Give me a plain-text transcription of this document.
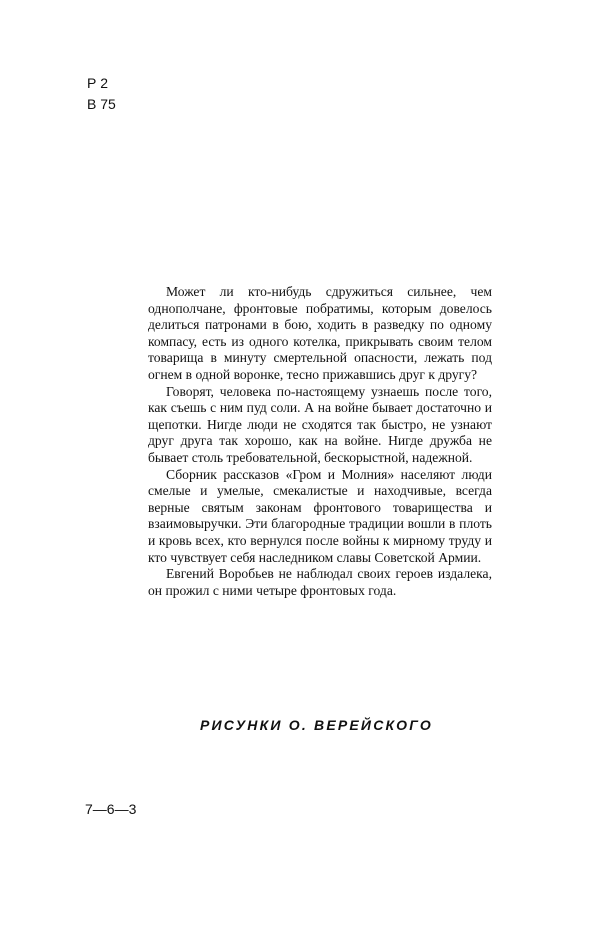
Р 2
В 75

Может ли кто-нибудь сдружиться сильнее, чем однополчане, фронтовые побратимы, которым довелось делиться патронами в бою, ходить в разведку по одному компасу, есть из одного котелка, прикрывать своим телом товарища в минуту смертельной опасности, лежать под огнем в одной воронке, тесно прижавшись друг к другу?

Говорят, человека по-настоящему узнаешь после того, как съешь с ним пуд соли. А на войне бывает достаточно и щепотки. Нигде люди не сходятся так быстро, не узнают друг друга так хорошо, как на войне. Нигде дружба не бывает столь требовательной, бескорыстной, надежной.

Сборник рассказов «Гром и Молния» населяют люди смелые и умелые, смекалистые и находчивые, всегда верные святым законам фронтового товарищества и взаимовыручки. Эти благородные традиции вошли в плоть и кровь всех, кто вернулся после войны к мирному труду и кто чувствует себя наследником славы Советской Армии.

Евгений Воробьев не наблюдал своих героев издалека, он прожил с ними четыре фронтовых года.

РИСУНКИ О. ВЕРЕЙСКОГО
7—6—3
